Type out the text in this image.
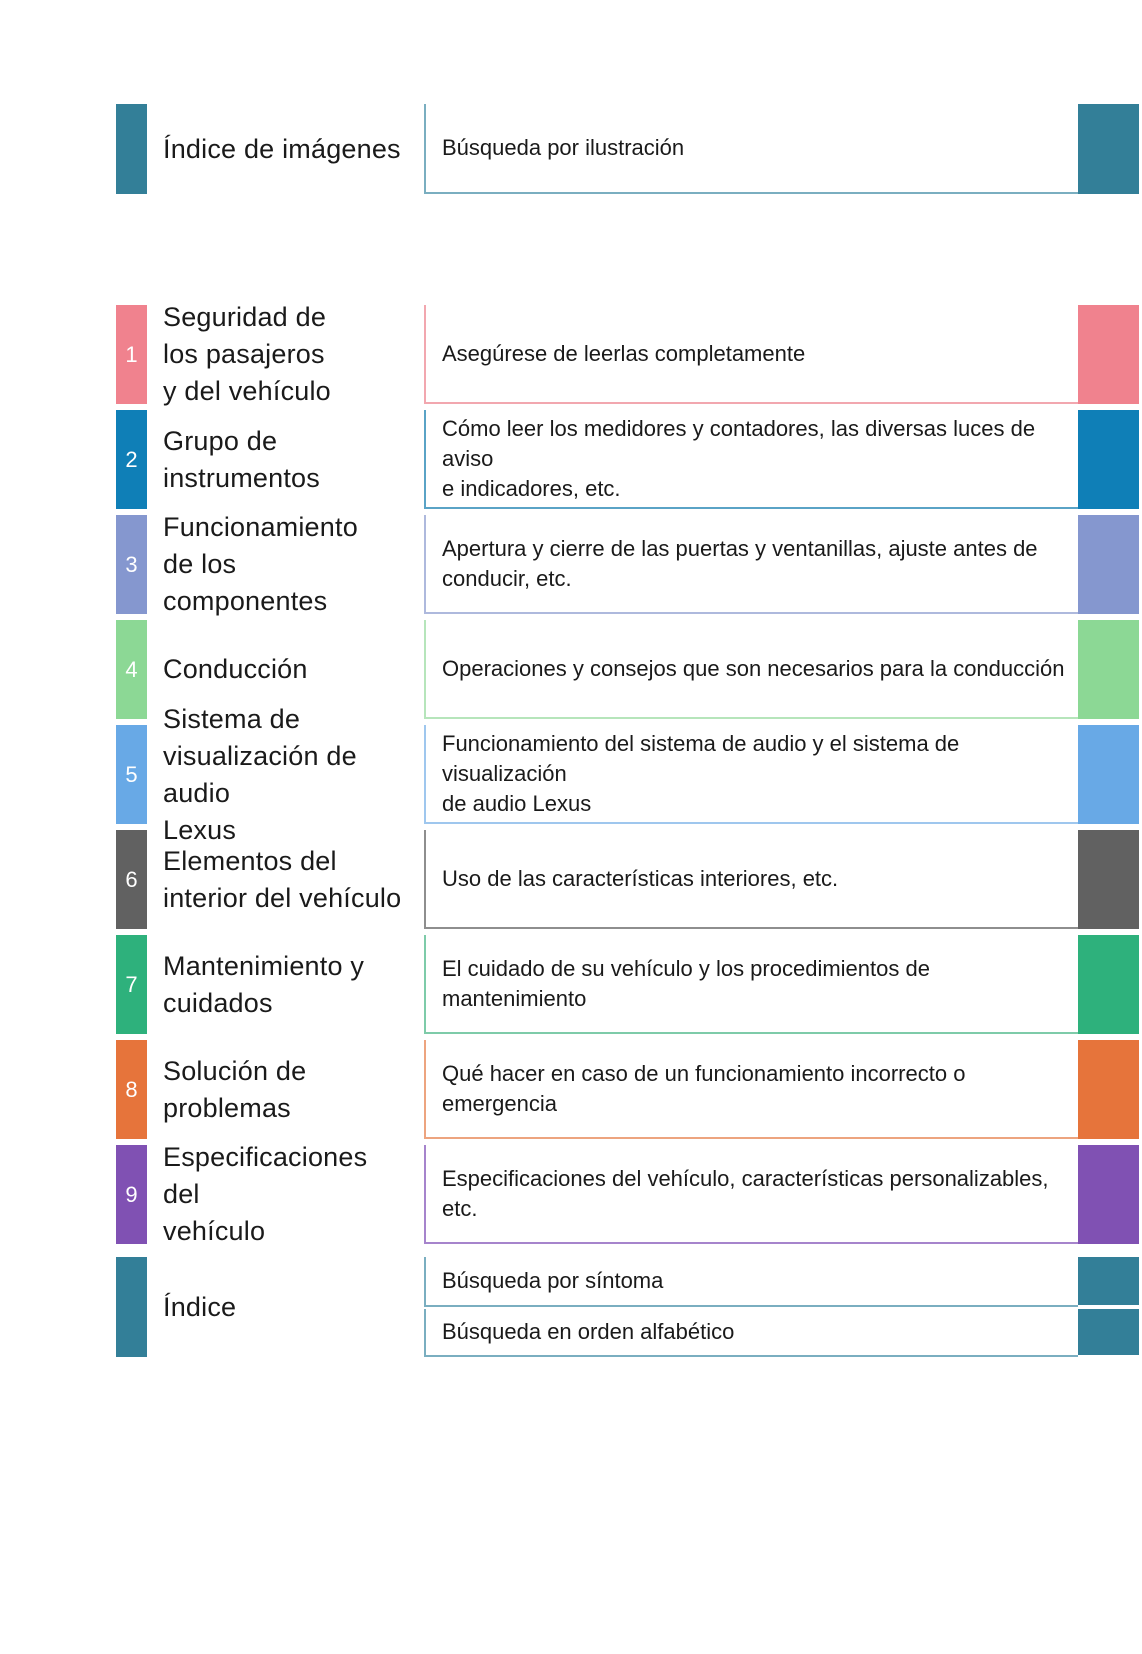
Índice de imágenes	Búsqueda por ilustración
1
Seguridad de
los pasajeros
y del vehículo
Asegúrese de leerlas completamente
2
Grupo de
instrumentos
Cómo leer los medidores y contadores, las diversas luces de aviso
e indicadores, etc.
3
Funcionamiento
de los componentes
Apertura y cierre de las puertas y ventanillas, ajuste antes de
conducir, etc.
4 Conducción	Operaciones y consejos que son necesarios para la conducción
5
Sistema de
visualización de audio
Lexus
Funcionamiento del sistema de audio y el sistema de visualización
de audio Lexus
6
Elementos del
interior del vehículo
Uso de las características interiores, etc.
7
Mantenimiento y
cuidados
El cuidado de su vehículo y los procedimientos de mantenimiento
8
Solución de
problemas
Qué hacer en caso de un funcionamiento incorrecto o emergencia
9
Especificaciones del
vehículo
Especificaciones del vehículo, características personalizables, etc.
Índice
Búsqueda por síntoma
Búsqueda en orden alfabético
